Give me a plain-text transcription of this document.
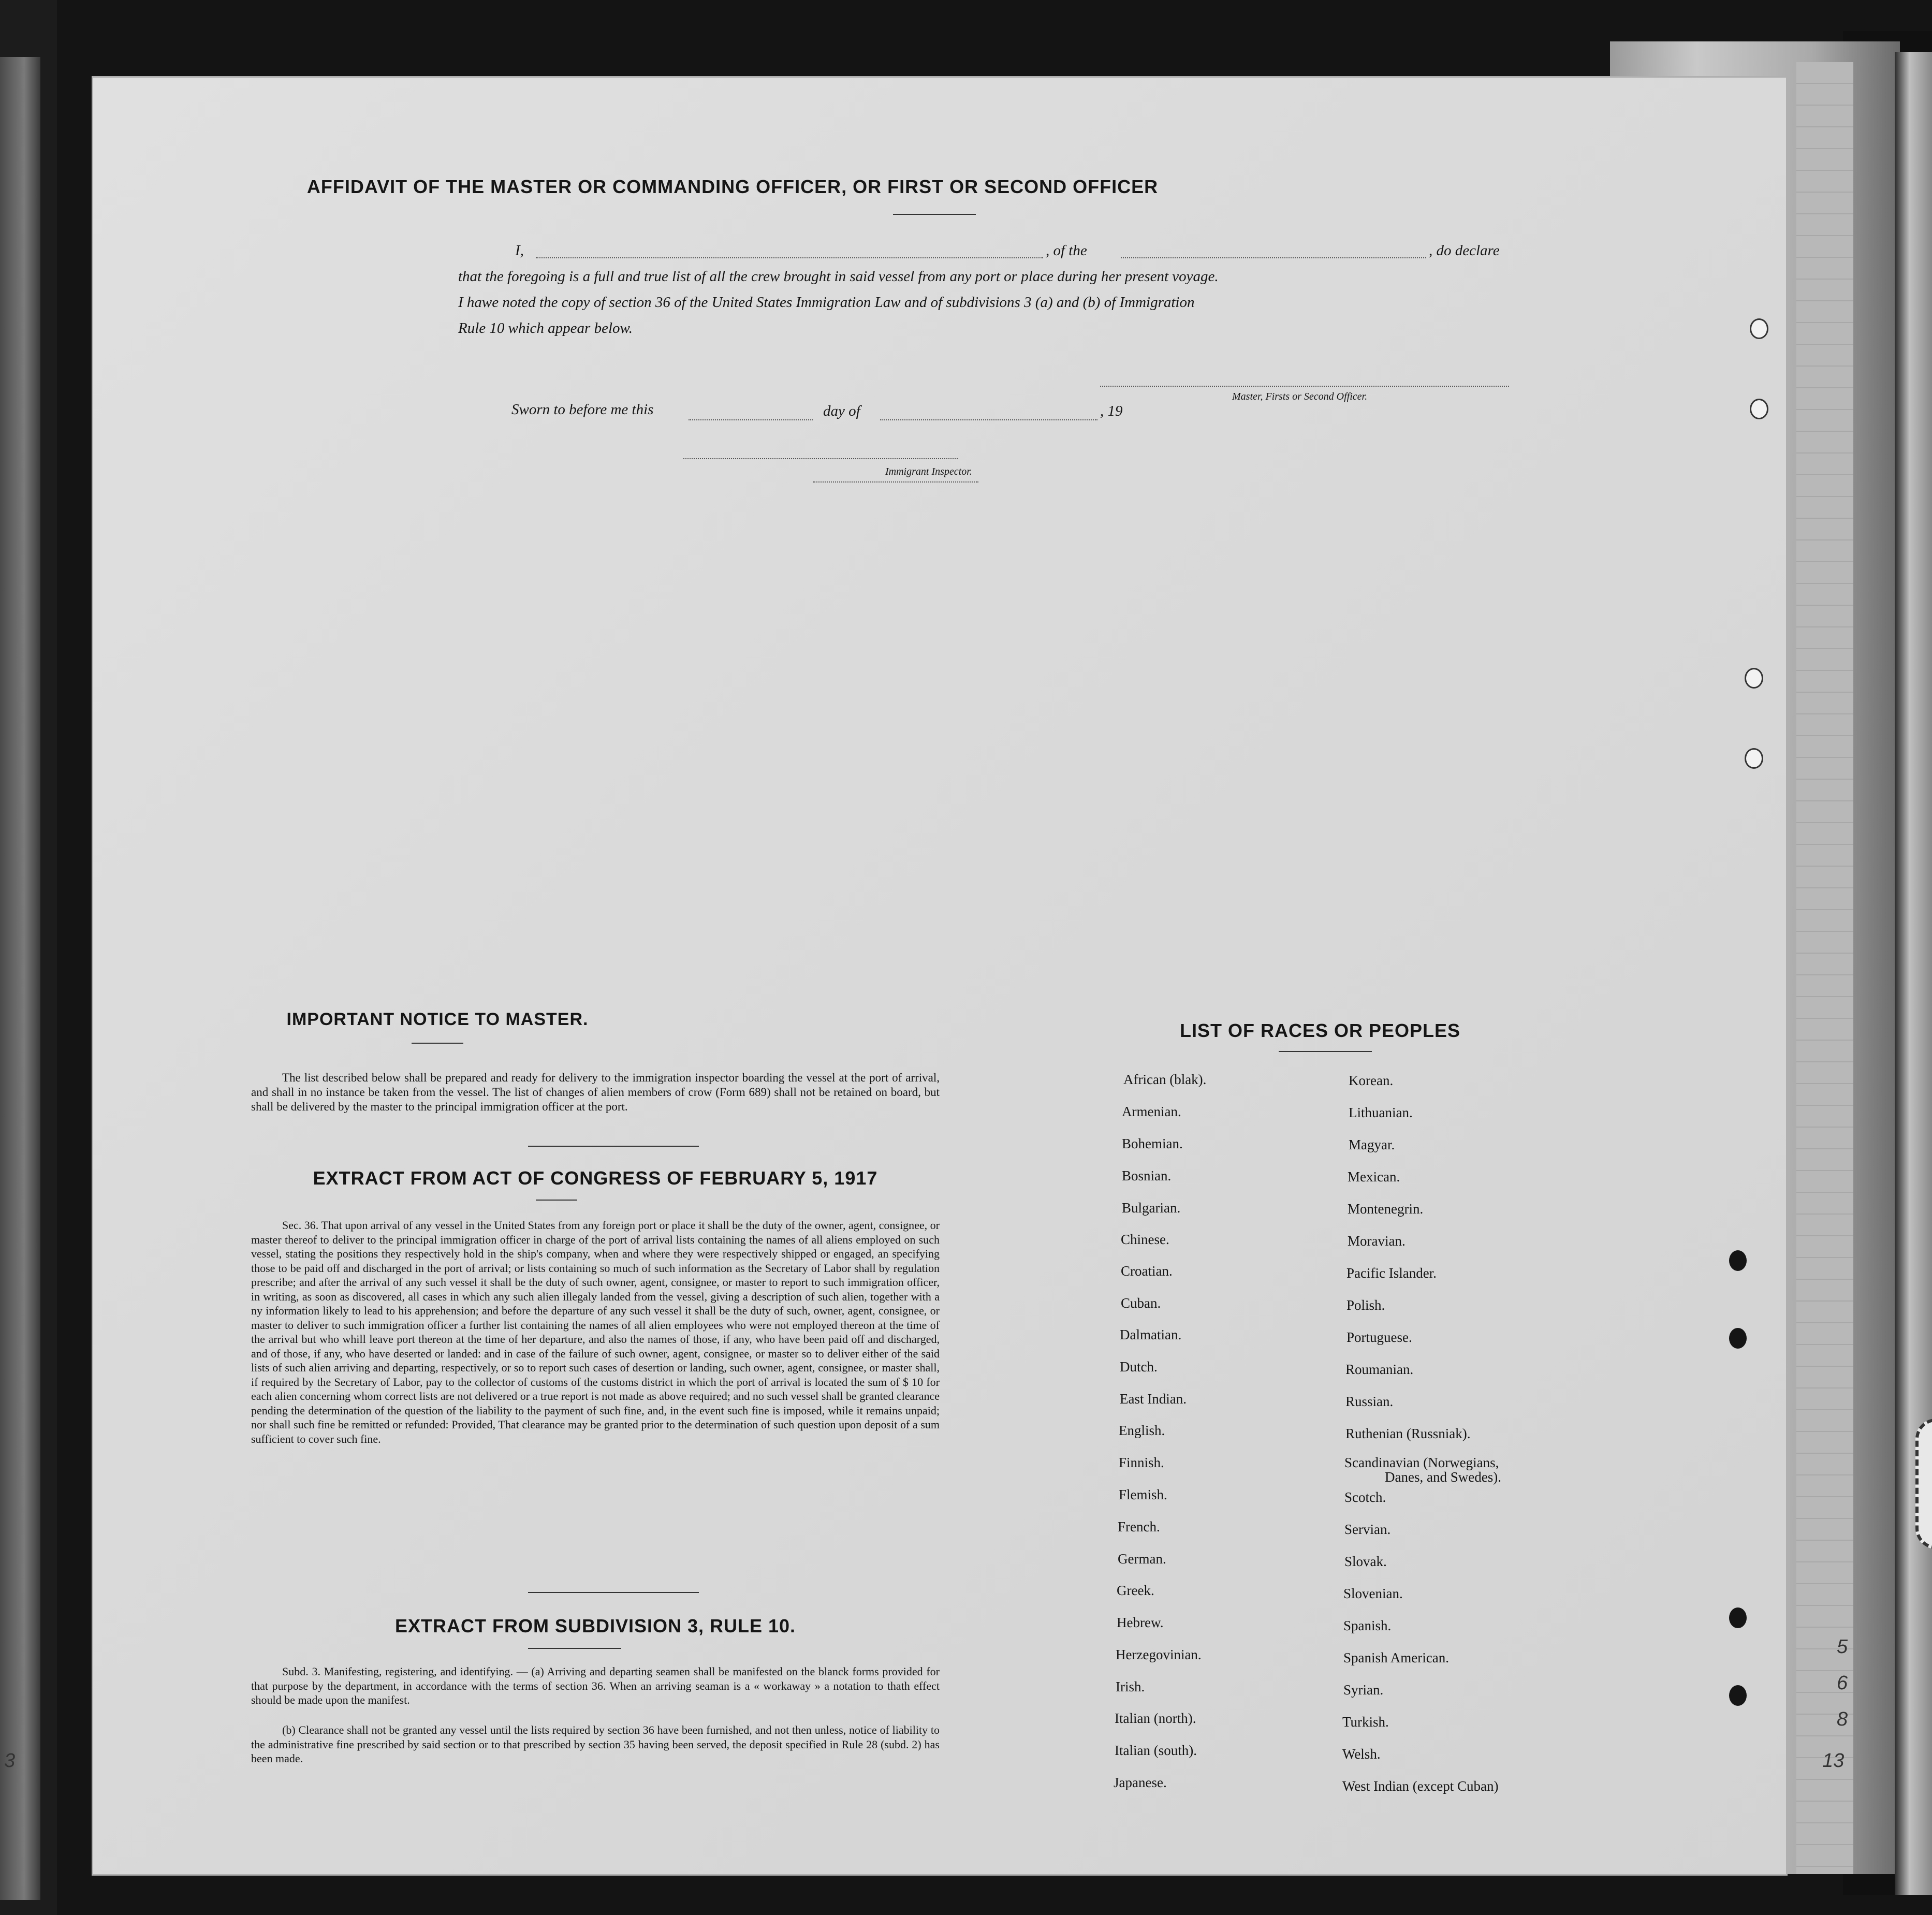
3
5
6
8
13
AFFIDAVIT OF THE MASTER OR COMMANDING OFFICER, OR FIRST OR SECOND OFFICER
I,	, of the	, do declare
that the foregoing is a full and true list of all the crew brought in said vessel from any port or place during her present voyage.
I hawe noted the copy of section 36 of the United States Immigration Law and of subdivisions 3 (a) and (b) of Immigration
Rule 10 which appear below.
Master, Firsts or Second Officer.
Sworn to before me this	day of	, 19
Immigrant Inspector.
IMPORTANT NOTICE TO MASTER.
The list described below shall be prepared and ready for delivery to the immigration inspector boarding the vessel at the port of arrival, and shall in no instance be taken from the vessel. The list of changes of alien members of crow (Form 689) shall not be retained on board, but shall be delivered by the master to the principal immigration officer at the port.
EXTRACT FROM ACT OF CONGRESS OF FEBRUARY 5, 1917
Sec. 36. That upon arrival of any vessel in the United States from any foreign port or place it shall be the duty of the owner, agent, consignee, or master thereof to deliver to the principal immigration officer in charge of the port of arrival lists containing the names of all aliens employed on such vessel, stating the positions they respectively hold in the ship's company, when and where they were respectively shipped or engaged, an specifying those to be paid off and discharged in the port of arrival; or lists containing so much of such information as the Secretary of Labor shall by regulation prescribe; and after the arrival of any such vessel it shall be the duty of such owner, agent, consignee, or master to report to such immigration officer, in writing, as soon as discovered, all cases in which any such alien illegaly landed from the vessel, giving a description of such alien, together with a ny information likely to lead to his apprehension; and before the departure of any such vessel it shall be the duty of such, owner, agent, consignee, or master to deliver to such immigration officer a further list containing the names of all alien employees who were not employed thereon at the time of the arrival but who whill leave port thereon at the time of her departure, and also the names of those, if any, who have been paid off and discharged, and of those, if any, who have deserted or landed: and in case of the failure of such owner, agent, consignee, or master so to deliver either of the said lists of such alien arriving and departing, respectively, or so to report such cases of desertion or landing, such owner, agent, consignee, or master shall, if required by the Secretary of Labor, pay to the collector of customs of the customs district in which the port of arrival is located the sum of $ 10 for each alien concerning whom correct lists are not delivered or a true report is not made as above required; and no such vessel shall be granted clearance pending the determination of the question of the liability to the payment of such fine, and, in the event such fine is imposed, while it remains unpaid; nor shall such fine be remitted or refunded: Provided, That clearance may be granted prior to the determination of such question upon deposit of a sum sufficient to cover such fine.
EXTRACT FROM SUBDIVISION 3, RULE 10.
Subd. 3. Manifesting, registering, and identifying. — (a) Arriving and departing seamen shall be manifested on the blanck forms provided for that purpose by the department, in accordance with the terms of section 36. When an arriving seaman is a « workaway » a notation to thath effect should be made upon the manifest.
(b) Clearance shall not be granted any vessel until the lists required by section 36 have been furnished, and not then unless, notice of liability to the administrative fine prescribed by said section or to that prescribed by section 35 having been served, the deposit specified in Rule 28 (subd. 2) has been made.
LIST OF RACES OR PEOPLES
African (blak).
Armenian.
Bohemian.
Bosnian.
Bulgarian.
Chinese.
Croatian.
Cuban.
Dalmatian.
Dutch.
East Indian.
English.
Finnish.
Flemish.
French.
German.
Greek.
Hebrew.
Herzegovinian.
Irish.
Italian (north).
Italian (south).
Japanese.
Korean.
Lithuanian.
Magyar.
Mexican.
Montenegrin.
Moravian.
Pacific Islander.
Polish.
Portuguese.
Roumanian.
Russian.
Ruthenian (Russniak).
Scandinavian (Norwegians,
Danes, and Swedes).
Scotch.
Servian.
Slovak.
Slovenian.
Spanish.
Spanish American.
Syrian.
Turkish.
Welsh.
West Indian (except Cuban)
